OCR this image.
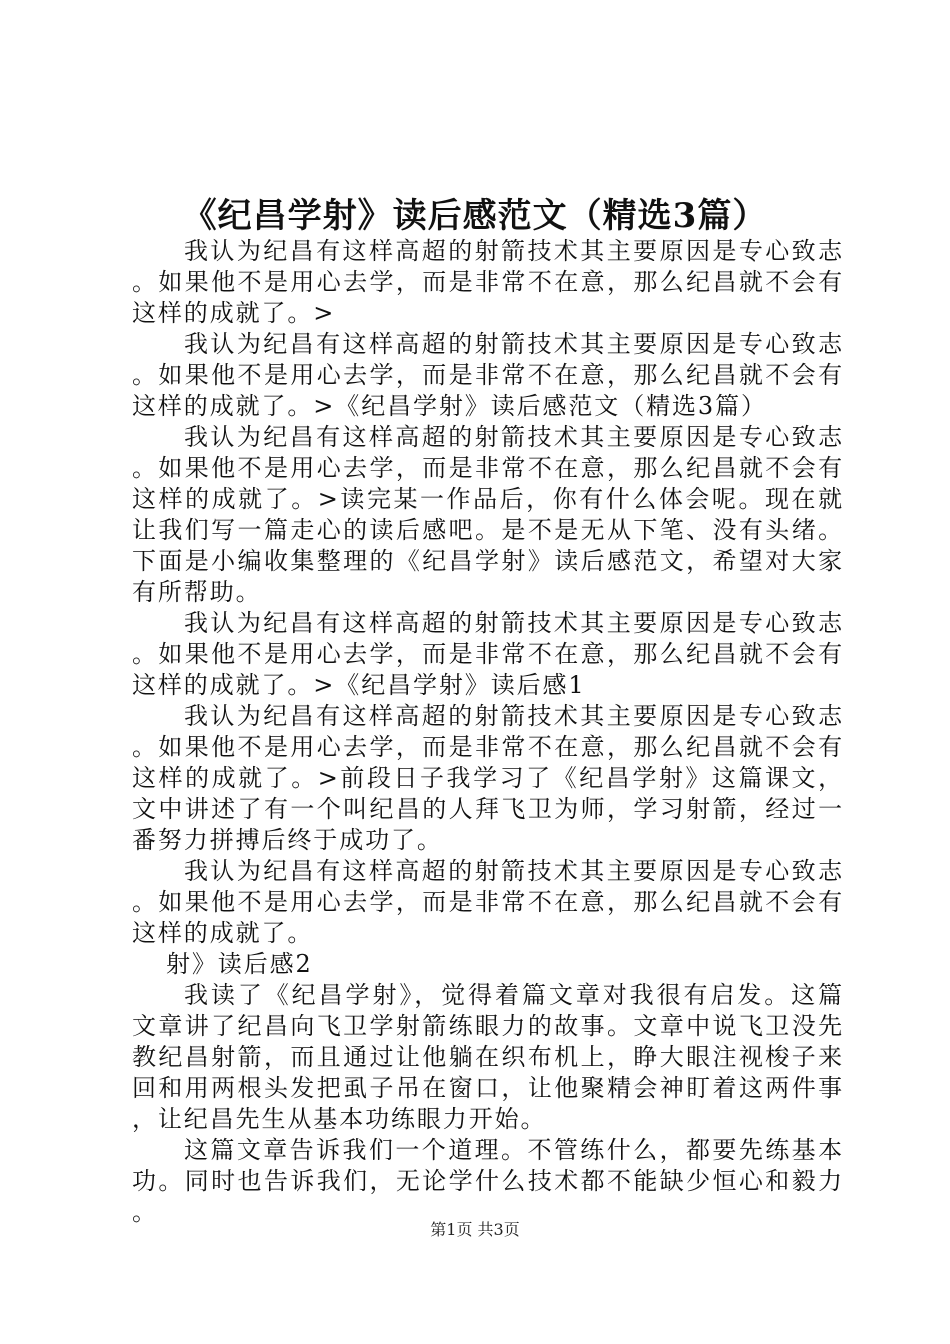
《纪昌学射》读后感范文（精选3篇）

我认为纪昌有这样高超的射箭技术其主要原因是专心致志。如果他不是用心去学，而是非常不在意，那么纪昌就不会有这样的成就了。>

我认为纪昌有这样高超的射箭技术其主要原因是专心致志。如果他不是用心去学，而是非常不在意，那么纪昌就不会有这样的成就了。>《纪昌学射》读后感范文（精选3篇）

我认为纪昌有这样高超的射箭技术其主要原因是专心致志。如果他不是用心去学，而是非常不在意，那么纪昌就不会有这样的成就了。>读完某一作品后，你有什么体会呢。现在就让我们写一篇走心的读后感吧。是不是无从下笔、没有头绪。下面是小编收集整理的《纪昌学射》读后感范文，希望对大家有所帮助。

我认为纪昌有这样高超的射箭技术其主要原因是专心致志。如果他不是用心去学，而是非常不在意，那么纪昌就不会有这样的成就了。>《纪昌学射》读后感1

我认为纪昌有这样高超的射箭技术其主要原因是专心致志。如果他不是用心去学，而是非常不在意，那么纪昌就不会有这样的成就了。>前段日子我学习了《纪昌学射》这篇课文，文中讲述了有一个叫纪昌的人拜飞卫为师，学习射箭，经过一番努力拼搏后终于成功了。

我认为纪昌有这样高超的射箭技术其主要原因是专心致志。如果他不是用心去学，而是非常不在意，那么纪昌就不会有这样的成就了。

射》读后感2

我读了《纪昌学射》，觉得着篇文章对我很有启发。这篇文章讲了纪昌向飞卫学射箭练眼力的故事。文章中说飞卫没先教纪昌射箭，而且通过让他躺在织布机上，睁大眼注视梭子来回和用两根头发把虱子吊在窗口，让他聚精会神盯着这两件事，让纪昌先生从基本功练眼力开始。

这篇文章告诉我们一个道理。不管练什么，都要先练基本功。同时也告诉我们，无论学什么技术都不能缺少恒心和毅力。

第1页 共3页
